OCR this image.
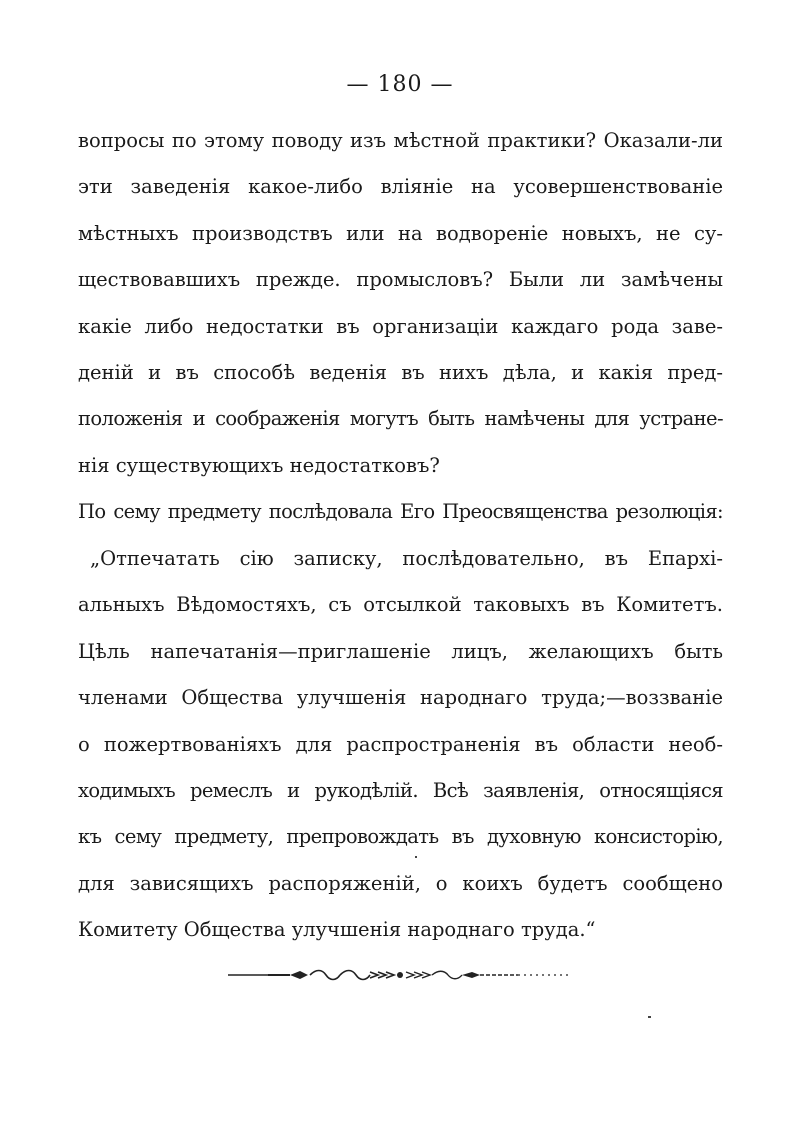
— 180 —
вопросы по этому поводу изъ мѣстной практики? Оказали-ли
эти заведенія какое-либо вліяніе на усовершенствованіе
мѣстныхъ производствъ или на водвореніе новыхъ, не су-
ществовавшихъ прежде. промысловъ? Были ли замѣчены
какіе либо недостатки въ организаціи каждаго рода заве-
деній и въ способѣ веденія въ нихъ дѣла, и какія пред-
положенія и соображенія могутъ быть намѣчены для устране-
нія существующихъ недостатковъ?
По сему предмету послѣдовала Его Преосвященства резолюція:
„Отпечатать сію записку, послѣдовательно, въ Епархі-
альныхъ Вѣдомостяхъ, съ отсылкой таковыхъ въ Комитетъ.
Цѣль напечатанія—приглашеніе лицъ, желающихъ быть
членами Общества улучшенія народнаго труда;—воззваніе
о пожертвованіяхъ для распространенія въ области необ-
ходимыхъ ремеслъ и рукодѣлій. Всѣ заявленія, относящіяся
къ сему предмету, препровождать въ духовную консисторію,
для зависящихъ распоряженій, о коихъ будетъ сообщено
Комитету Общества улучшенія народнаго труда.“
